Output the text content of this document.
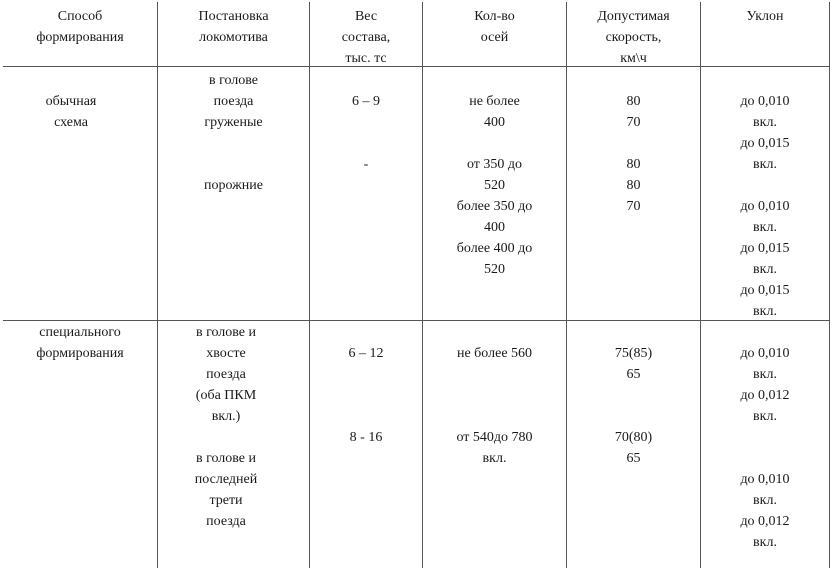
Способ
формирования
Постановка
локомотива
Вес
состава,
тыс. тс
Кол-во
осей
Допустимая
скорость,
км\ч
Уклон
обычная
схема
в голове
поезда
груженые
порожние
6 – 9
-
не более
400
от 350 до
520
более 350 до
400
более 400 до
520
80
70
80
80
70
до 0,010
вкл.
до 0,015
вкл.
до 0,010
вкл.
до 0,015
вкл.
до 0,015
вкл.
специального
формирования
в голове и
хвосте
поезда
(оба ПКМ
вкл.)
в голове и
последней
трети
поезда
6 – 12
8 - 16
не более 560
от 540до 780
вкл.
75(85)
65
70(80)
65
до 0,010
вкл.
до 0,012
вкл.
до 0,010
вкл.
до 0,012
вкл.
